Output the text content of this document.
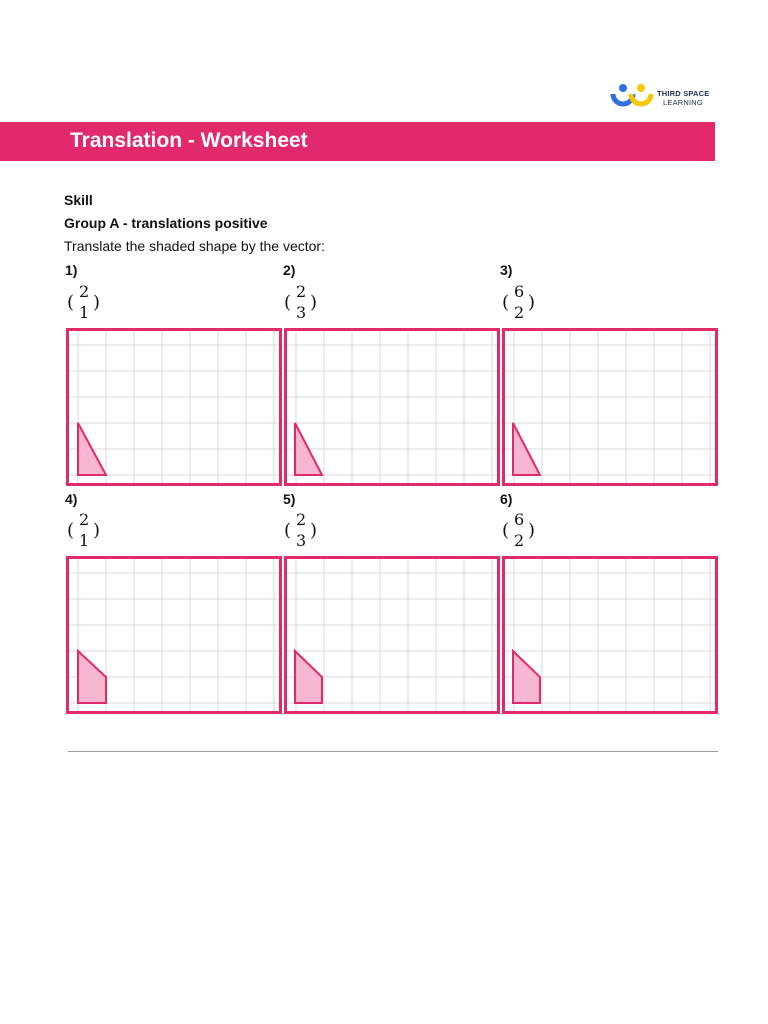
THIRD SPACE
LEARNING
Translation - Worksheet
Skill
Group A - translations positive
Translate the shaded shape by the vector:
1)
(
2
1 )
2)
(
2
3 )
3)
(
6
2 )
4)
(
2
1 )
5)
(
2
3 )
6)
(
6
2 )
